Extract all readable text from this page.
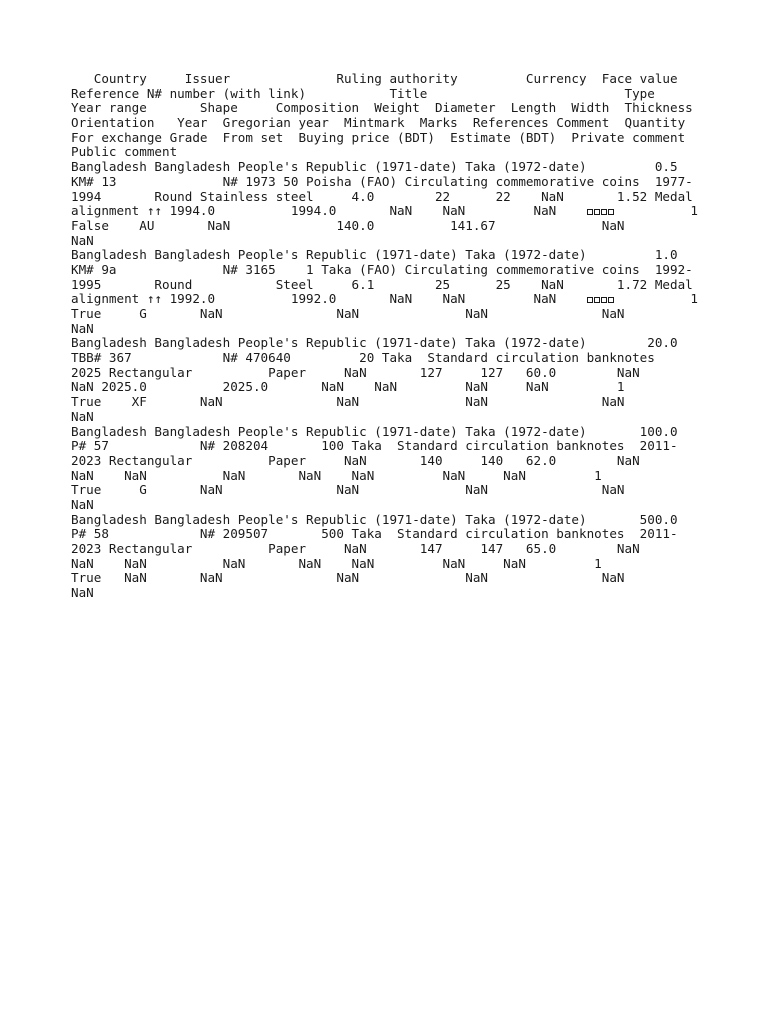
Country     Issuer              Ruling authority         Currency  Face value
Reference N# number (with link)           Title                          Type
Year range       Shape     Composition  Weight  Diameter  Length  Width  Thickness
Orientation   Year  Gregorian year  Mintmark  Marks  References Comment  Quantity
For exchange Grade  From set  Buying price (BDT)  Estimate (BDT)  Private comment
Public comment
Bangladesh Bangladesh People's Republic (1971-date) Taka (1972-date)         0.5
KM# 13              N# 1973 50 Poisha (FAO) Circulating commemorative coins  1977-
1994       Round Stainless steel     4.0        22      22    NaN       1.52 Medal
alignment ↑↑ 1994.0          1994.0       NaN    NaN         NaN              1
False    AU       NaN              140.0          141.67              NaN
NaN
Bangladesh Bangladesh People's Republic (1971-date) Taka (1972-date)         1.0
KM# 9a              N# 3165    1 Taka (FAO) Circulating commemorative coins  1992-
1995       Round           Steel     6.1        25      25    NaN       1.72 Medal
alignment ↑↑ 1992.0          1992.0       NaN    NaN         NaN              1
True     G       NaN               NaN              NaN               NaN
NaN
Bangladesh Bangladesh People's Republic (1971-date) Taka (1972-date)        20.0
TBB# 367            N# 470640         20 Taka  Standard circulation banknotes
2025 Rectangular          Paper     NaN       127     127   60.0        NaN
NaN 2025.0          2025.0       NaN    NaN         NaN     NaN         1
True    XF       NaN               NaN              NaN               NaN
NaN
Bangladesh Bangladesh People's Republic (1971-date) Taka (1972-date)       100.0
P# 57            N# 208204       100 Taka  Standard circulation banknotes  2011-
2023 Rectangular          Paper     NaN       140     140   62.0        NaN
NaN    NaN          NaN       NaN    NaN         NaN     NaN         1
True     G       NaN               NaN              NaN               NaN
NaN
Bangladesh Bangladesh People's Republic (1971-date) Taka (1972-date)       500.0
P# 58            N# 209507       500 Taka  Standard circulation banknotes  2011-
2023 Rectangular          Paper     NaN       147     147   65.0        NaN
NaN    NaN          NaN       NaN    NaN         NaN     NaN         1
True   NaN       NaN               NaN              NaN               NaN
NaN
